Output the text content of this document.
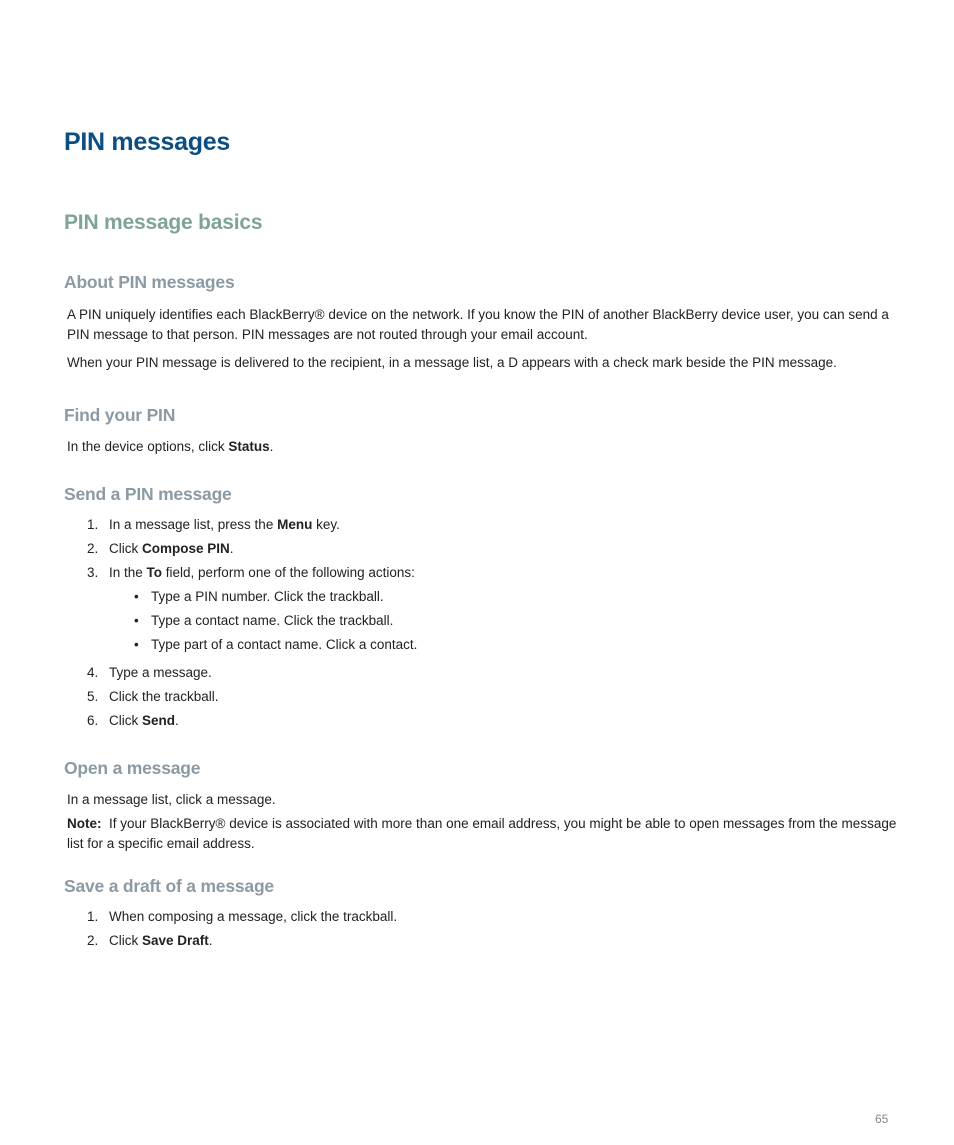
PIN messages
PIN message basics
About PIN messages

A PIN uniquely identifies each BlackBerry® device on the network. If you know the PIN of another BlackBerry device user, you can send a PIN message to that person. PIN messages are not routed through your email account.

When your PIN message is delivered to the recipient, in a message list, a D appears with a check mark beside the PIN message.

Find your PIN

In the device options, click Status.

Send a PIN message

1. In a message list, press the Menu key.

2. Click Compose PIN.

3. In the To field, perform one of the following actions:

• Type a PIN number. Click the trackball.

• Type a contact name. Click the trackball.

• Type part of a contact name. Click a contact.

4. Type a message.

5. Click the trackball.

6. Click Send.

Open a message

In a message list, click a message.

Note:  If your BlackBerry® device is associated with more than one email address, you might be able to open messages from the message list for a specific email address.

Save a draft of a message

1. When composing a message, click the trackball.

2. Click Save Draft.

65
